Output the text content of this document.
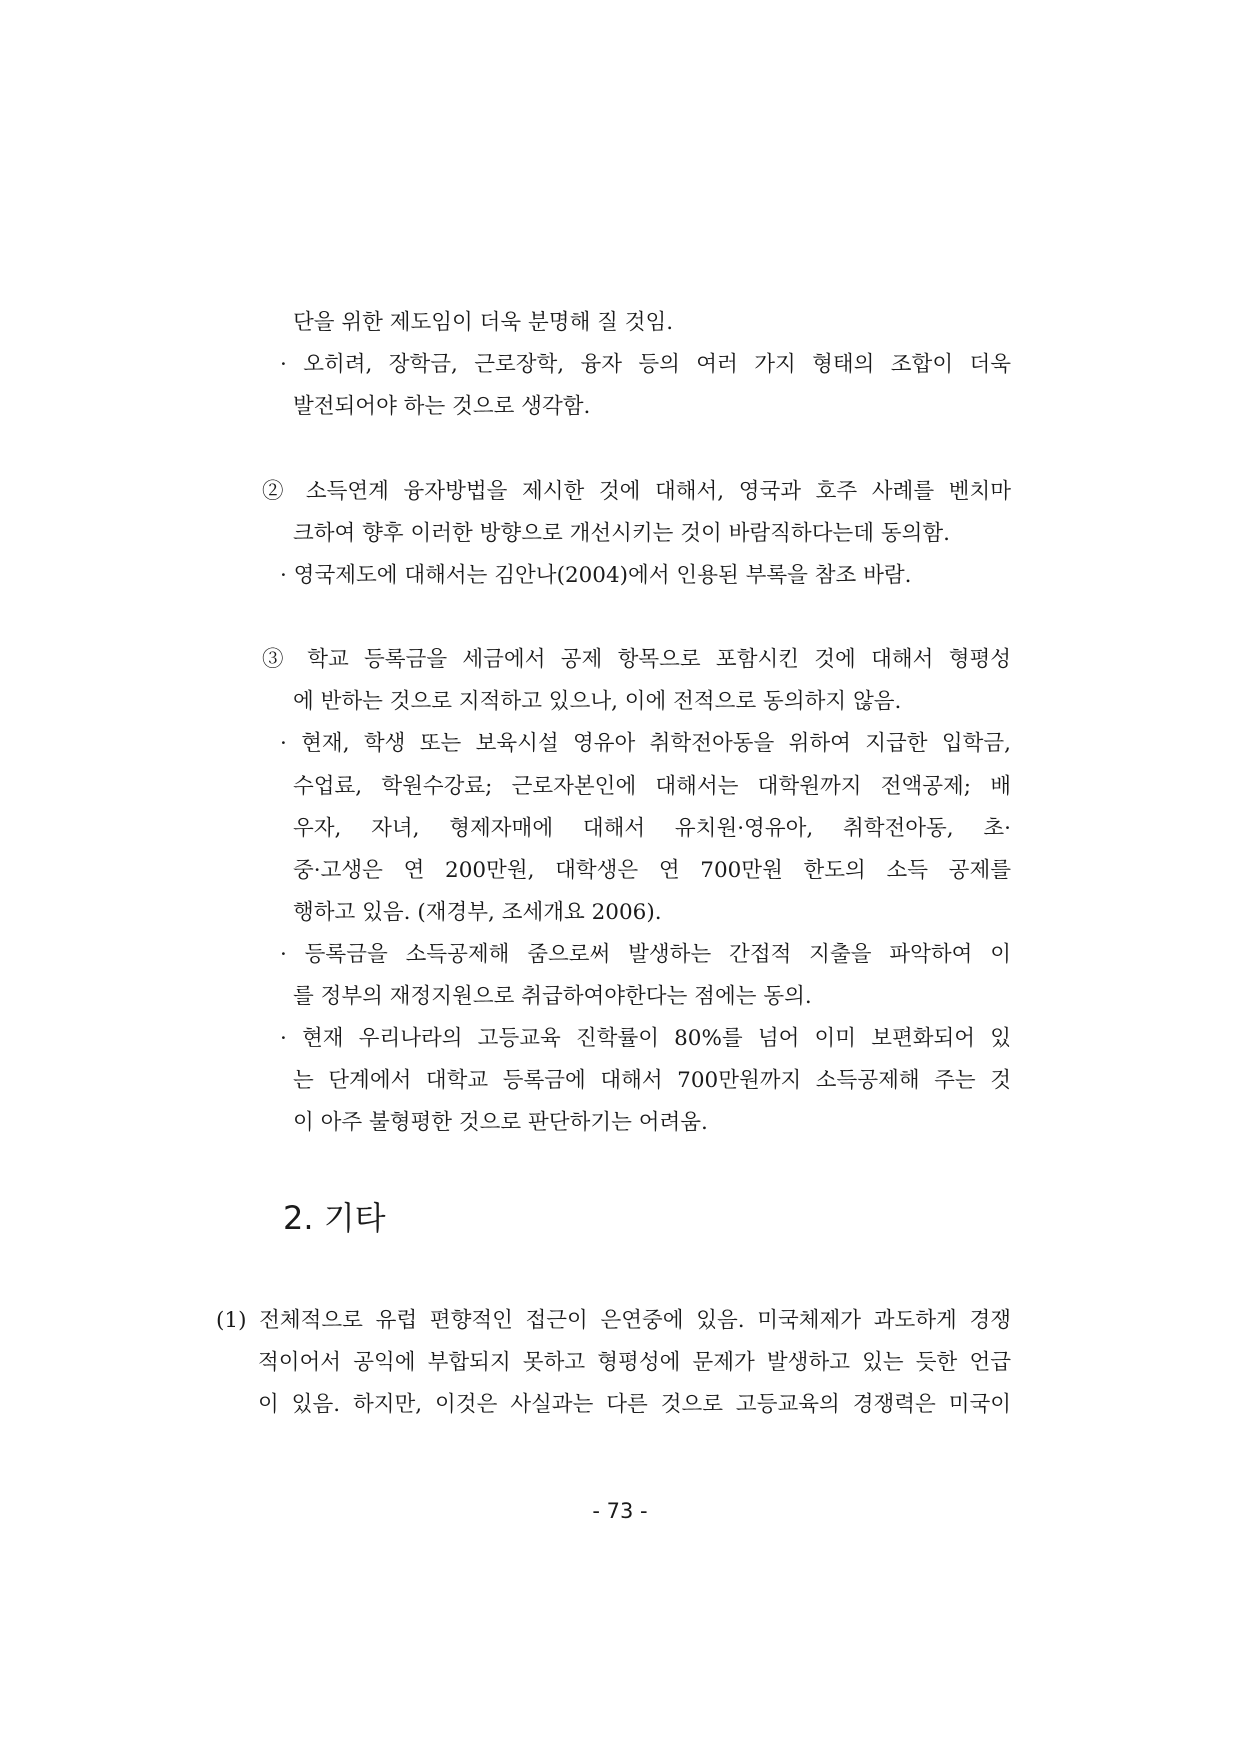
단을 위한 제도임이 더욱 분명해 질 것임.
· 오히려, 장학금, 근로장학, 융자 등의 여러 가지 형태의 조합이 더욱
발전되어야 하는 것으로 생각함.
② 소득연계 융자방법을 제시한 것에 대해서, 영국과 호주 사례를 벤치마
크하여 향후 이러한 방향으로 개선시키는 것이 바람직하다는데 동의함.
· 영국제도에 대해서는 김안나(2004)에서 인용된 부록을 참조 바람.
③ 학교 등록금을 세금에서 공제 항목으로 포함시킨 것에 대해서 형평성
에 반하는 것으로 지적하고 있으나, 이에 전적으로 동의하지 않음.
· 현재, 학생 또는 보육시설 영유아 취학전아동을 위하여 지급한 입학금,
수업료, 학원수강료; 근로자본인에 대해서는 대학원까지 전액공제; 배
우자, 자녀, 형제자매에 대해서 유치원·영유아, 취학전아동, 초·
중·고생은 연 200만원, 대학생은 연 700만원 한도의 소득 공제를
행하고 있음. (재경부, 조세개요 2006).
· 등록금을 소득공제해 줌으로써 발생하는 간접적 지출을 파악하여 이
를 정부의 재정지원으로 취급하여야한다는 점에는 동의.
· 현재 우리나라의 고등교육 진학률이 80%를 넘어 이미 보편화되어 있
는 단계에서 대학교 등록금에 대해서 700만원까지 소득공제해 주는 것
이 아주 불형평한 것으로 판단하기는 어려움.
2. 기타
(1) 전체적으로 유럽 편향적인 접근이 은연중에 있음. 미국체제가 과도하게 경쟁
적이어서 공익에 부합되지 못하고 형평성에 문제가 발생하고 있는 듯한 언급
이 있음. 하지만, 이것은 사실과는 다른 것으로 고등교육의 경쟁력은 미국이
- 73 -
